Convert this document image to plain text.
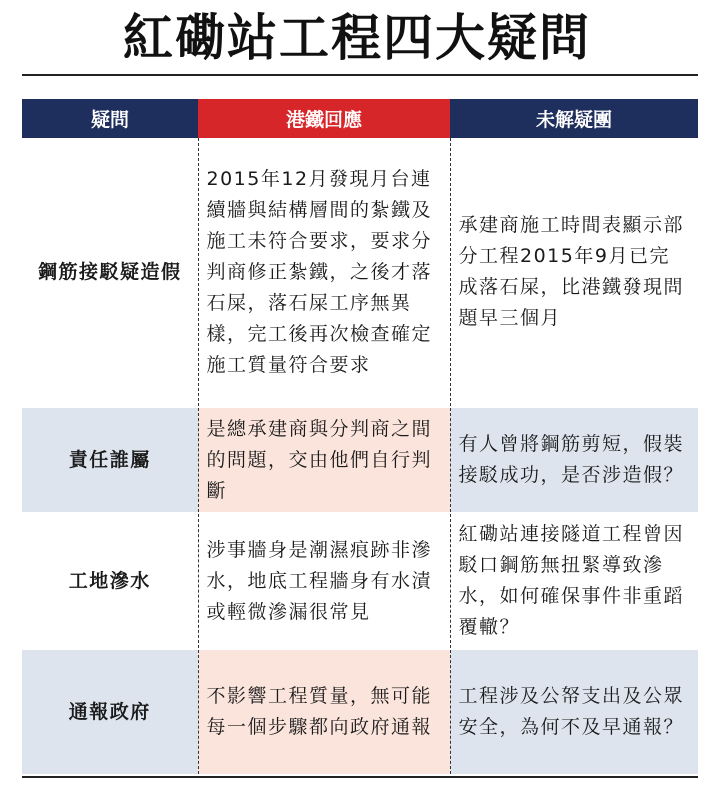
紅磡站工程四大疑問
疑問	港鐵回應	未解疑團
鋼筋接駁疑造假	2015年12月發現月台連續牆與結構層間的紮鐵及施工未符合要求，要求分判商修正紮鐵，之後才落石屎，落石屎工序無異樣，完工後再次檢查確定施工質量符合要求	承建商施工時間表顯示部分工程2015年9月已完成落石屎，比港鐵發現問題早三個月
責任誰屬	是總承建商與分判商之間的問題，交由他們自行判斷	有人曾將鋼筋剪短，假裝接駁成功，是否涉造假？
工地滲水	涉事牆身是潮濕痕跡非滲水，地底工程牆身有水漬或輕微滲漏很常見	紅磡站連接隧道工程曾因駁口鋼筋無扭緊導致滲水，如何確保事件非重蹈覆轍？
通報政府	不影響工程質量，無可能每一個步驟都向政府通報	工程涉及公帑支出及公眾安全，為何不及早通報？
